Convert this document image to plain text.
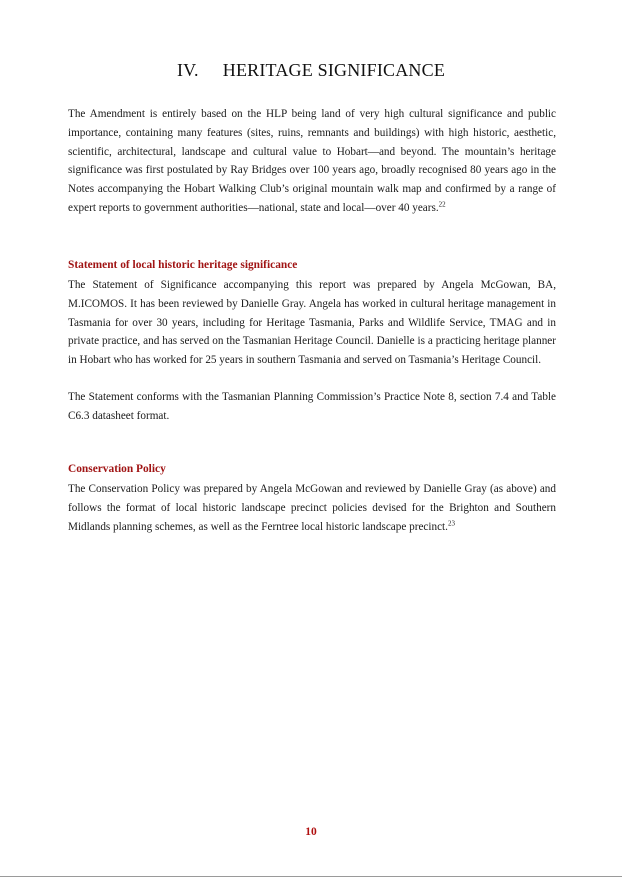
IV. HERITAGE SIGNIFICANCE
The Amendment is entirely based on the HLP being land of very high cultural significance and public importance, containing many features (sites, ruins, remnants and buildings) with high historic, aesthetic, scientific, architectural, landscape and cultural value to Hobart—and beyond. The mountain’s heritage significance was first postulated by Ray Bridges over 100 years ago, broadly recognised 80 years ago in the Notes accompanying the Hobart Walking Club’s original mountain walk map and confirmed by a range of expert reports to government authorities—national, state and local—over 40 years.$^{22}$
Statement of local historic heritage significance
The Statement of Significance accompanying this report was prepared by Angela McGowan, BA, M.ICOMOS. It has been reviewed by Danielle Gray. Angela has worked in cultural heritage management in Tasmania for over 30 years, including for Heritage Tasmania, Parks and Wildlife Service, TMAG and in private practice, and has served on the Tasmanian Heritage Council. Danielle is a practicing heritage planner in Hobart who has worked for 25 years in southern Tasmania and served on Tasmania’s Heritage Council.
The Statement conforms with the Tasmanian Planning Commission’s Practice Note 8, section 7.4 and Table C6.3 datasheet format.
Conservation Policy
The Conservation Policy was prepared by Angela McGowan and reviewed by Danielle Gray (as above) and follows the format of local historic landscape precinct policies devised for the Brighton and Southern Midlands planning schemes, as well as the Ferntree local historic landscape precinct.$^{23}$
10
